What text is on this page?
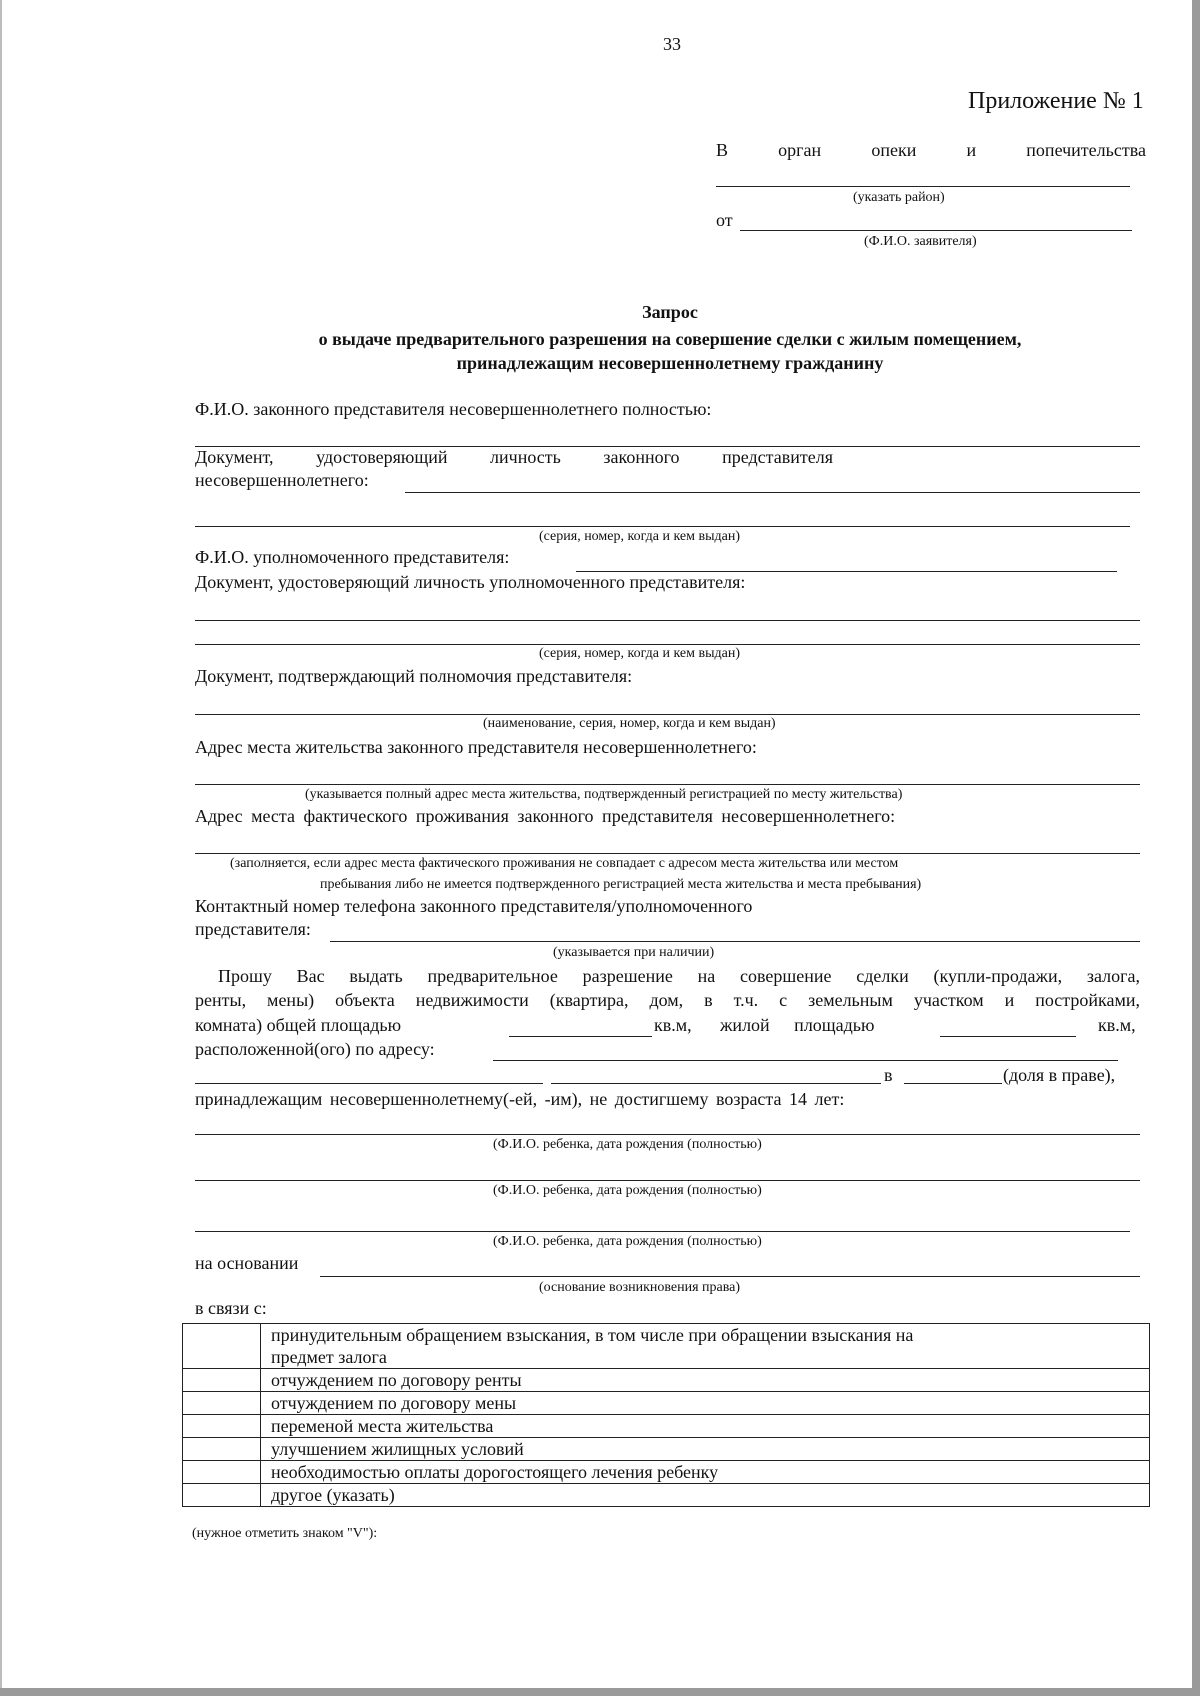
33
Приложение № 1
В	орган	опеки	и	попечительства
(указать район)
от
(Ф.И.О. заявителя)
Запрос
о выдаче предварительного разрешения на совершение сделки с жилым помещением,
принадлежащим несовершеннолетнему гражданину
Ф.И.О. законного представителя несовершеннолетнего полностью:
Документ, удостоверяющий личность законного представителя
несовершеннолетнего:
(серия, номер, когда и кем выдан)
Ф.И.О. уполномоченного представителя:
Документ, удостоверяющий личность уполномоченного представителя:
(серия, номер, когда и кем выдан)
Документ, подтверждающий полномочия представителя:
(наименование, серия, номер, когда и кем выдан)
Адрес места жительства законного представителя несовершеннолетнего:
(указывается полный адрес места жительства, подтвержденный регистрацией по месту жительства)
Адрес места фактического проживания законного представителя несовершеннолетнего:
(заполняется, если адрес места фактического проживания не совпадает с адресом места жительства или местом
пребывания либо не имеется подтвержденного регистрацией места жительства и места пребывания)
Контактный номер телефона законного представителя/уполномоченного
представителя:
(указывается при наличии)
Прошу Вас выдать предварительное разрешение на совершение сделки (купли-продажи, залога,
ренты, мены) объекта недвижимости (квартира, дом, в т.ч. с земельным участком и постройками,
комната) общей площадью	кв.м, жилой площадью	кв.м,
расположенной(ого) по адресу:
в	(доля в праве),
принадлежащим несовершеннолетнему(-ей, -им), не достигшему возраста 14 лет:
(Ф.И.О. ребенка, дата рождения (полностью)
(Ф.И.О. ребенка, дата рождения (полностью)
(Ф.И.О. ребенка, дата рождения (полностью)
на основании
(основание возникновения права)
в связи с:

	принудительным обращением взыскания, в том числе при обращении взыскания на
предмет залога

	отчуждением по договору ренты
	отчуждением по договору мены
	переменой места жительства
	улучшением жилищных условий
	необходимостью оплаты дорогостоящего лечения ребенку
	другое (указать)
(нужное отметить знаком "V"):
